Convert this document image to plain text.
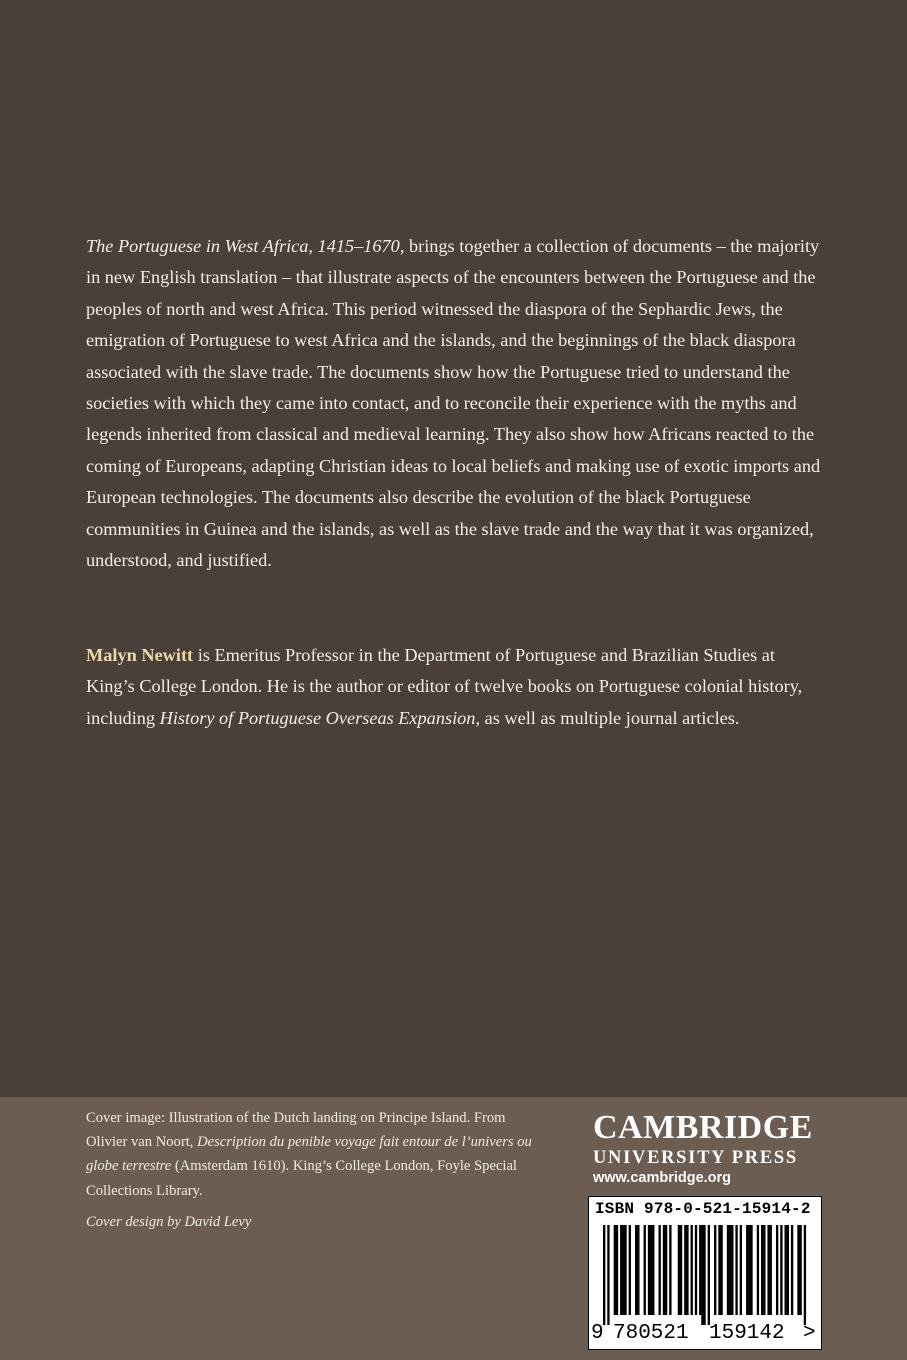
The Portuguese in West Africa, 1415–1670, brings together a collection of documents – the majority in new English translation – that illustrate aspects of the encounters between the Portuguese and the peoples of north and west Africa. This period witnessed the diaspora of the Sephardic Jews, the emigration of Portuguese to west Africa and the islands, and the beginnings of the black diaspora associated with the slave trade. The documents show how the Portuguese tried to understand the societies with which they came into contact, and to reconcile their experience with the myths and legends inherited from classical and medieval learning. They also show how Africans reacted to the coming of Europeans, adapting Christian ideas to local beliefs and making use of exotic imports and European technologies. The documents also describe the evolution of the black Portuguese communities in Guinea and the islands, as well as the slave trade and the way that it was organized, understood, and justified.

Malyn Newitt is Emeritus Professor in the Department of Portuguese and Brazilian Studies at King’s College London. He is the author or editor of twelve books on Portuguese colonial history, including History of Portuguese Overseas Expansion, as well as multiple journal articles.

Cover image: Illustration of the Dutch landing on Principe Island. From Olivier van Noort, Description du penible voyage fait entour de l’univers ou globe terrestre (Amsterdam 1610). King’s College London, Foyle Special Collections Library.

Cover design by David Levy

CAMBRIDGE
UNIVERSITY PRESS
www.cambridge.org
ISBN 978-0-521-15914-2
9 780521 159142 >
